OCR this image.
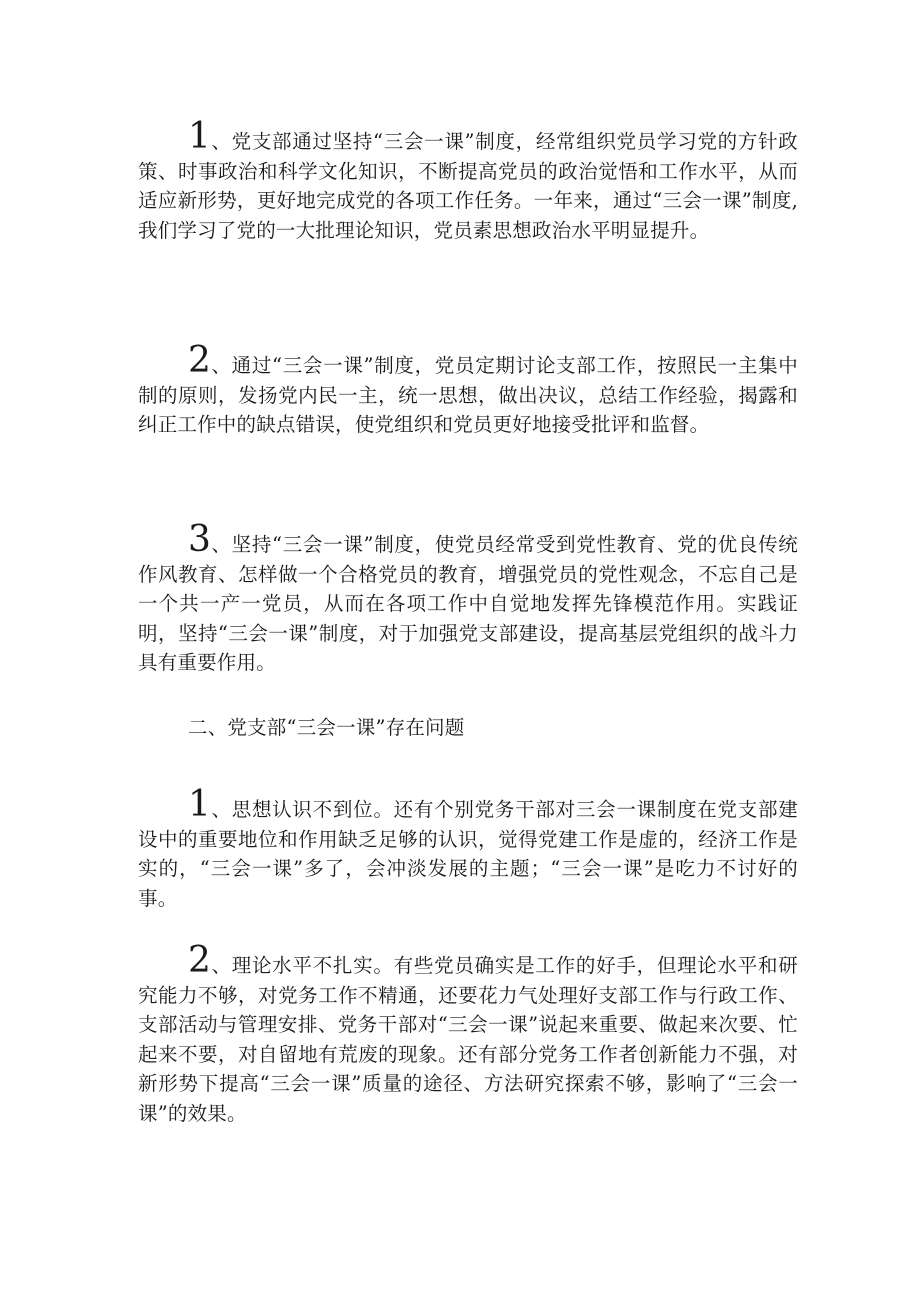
1、党支部通过坚持“三会一课”制度，经常组织党员学习党的方针政策、时事政治和科学文化知识，不断提高党员的政治觉悟和工作水平，从而适应新形势，更好地完成党的各项工作任务。一年来，通过“三会一课”制度,我们学习了党的一大批理论知识，党员素思想政治水平明显提升。

2、通过“三会一课”制度，党员定期讨论支部工作，按照民一主集中制的原则，发扬党内民一主，统一思想，做出决议，总结工作经验，揭露和纠正工作中的缺点错误，使党组织和党员更好地接受批评和监督。

3、坚持“三会一课”制度，使党员经常受到党性教育、党的优良传统作风教育、怎样做一个合格党员的教育，增强党员的党性观念，不忘自己是一个共一产一党员，从而在各项工作中自觉地发挥先锋模范作用。实践证明，坚持“三会一课”制度，对于加强党支部建设，提高基层党组织的战斗力具有重要作用。

二、党支部“三会一课”存在问题

1、思想认识不到位。还有个别党务干部对三会一课制度在党支部建设中的重要地位和作用缺乏足够的认识，觉得党建工作是虚的，经济工作是实的，“三会一课”多了，会冲淡发展的主题；“三会一课”是吃力不讨好的事。

2、理论水平不扎实。有些党员确实是工作的好手，但理论水平和研究能力不够，对党务工作不精通，还要花力气处理好支部工作与行政工作、支部活动与管理安排、党务干部对“三会一课”说起来重要、做起来次要、忙起来不要，对自留地有荒废的现象。还有部分党务工作者创新能力不强，对新形势下提高“三会一课”质量的途径、方法研究探索不够，影响了“三会一课”的效果。
